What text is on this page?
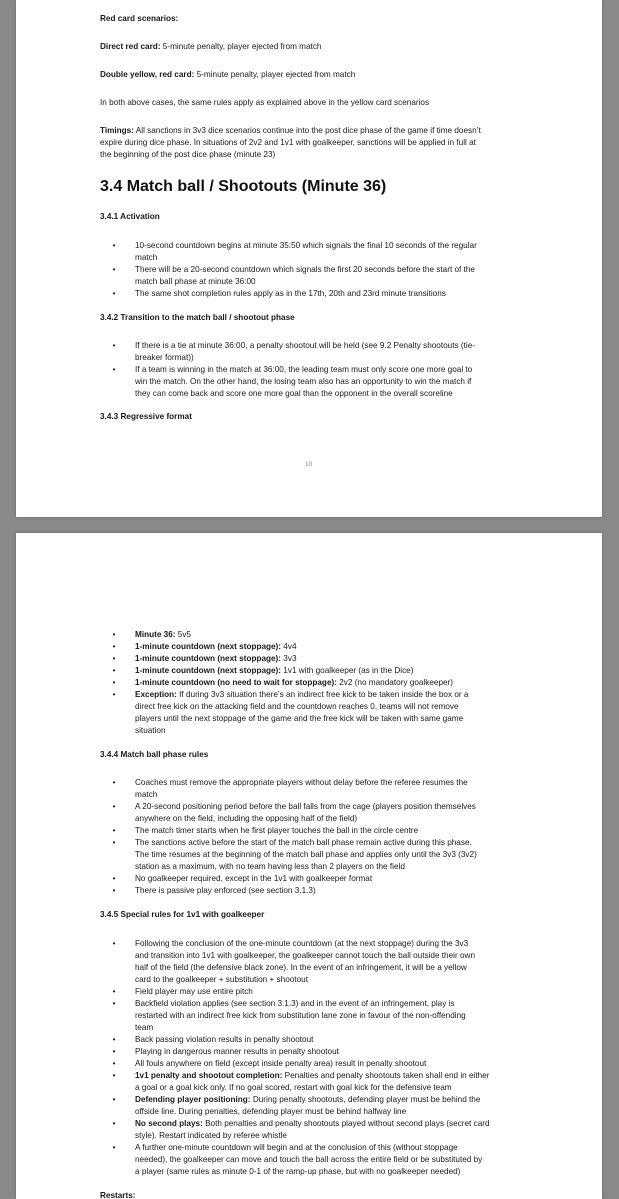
Red card scenarios:
Direct red card: 5-minute penalty, player ejected from match
Double yellow, red card: 5-minute penalty, player ejected from match
In both above cases, the same rules apply as explained above in the yellow card scenarios
Timings: All sanctions in 3v3 dice scenarios continue into the post dice phase of the game if time doesn’t
expire during dice phase. In situations of 2v2 and 1v1 with goalkeeper, sanctions will be applied in full at
the beginning of the post dice phase (minute 23)
3.4 Match ball / Shootouts (Minute 36)
3.4.1 Activation
•	10-second countdown begins at minute 35:50 which signals the final 10 seconds of the regular
match
•	There will be a 20-second countdown which signals the first 20 seconds before the start of the
match ball phase at minute 36:00
•	The same shot completion rules apply as in the 17th, 20th and 23rd minute transitions
3.4.2 Transition to the match ball / shootout phase
•	If there is a tie at minute 36:00, a penalty shootout will be held (see 9.2 Penalty shootouts (tie-
breaker format))
•	If a team is winning in the match at 36:00, the leading team must only score one more goal to
win the match. On the other hand, the losing team also has an opportunity to win the match if
they can come back and score one more goal than the opponent in the overall scoreline
3.4.3 Regressive format
10
•	Minute 36: 5v5
•	1-minute countdown (next stoppage): 4v4
•	1-minute countdown (next stoppage): 3v3
•	1-minute countdown (next stoppage): 1v1 with goalkeeper (as in the Dice)
•	1-minute countdown (no need to wait for stoppage): 2v2 (no mandatory goalkeeper)
•	Exception: If during 3v3 situation there’s an indirect free kick to be taken inside the box or a
direct free kick on the attacking field and the countdown reaches 0, teams will not remove
players until the next stoppage of the game and the free kick will be taken with same game
situation
3.4.4 Match ball phase rules
•	Coaches must remove the appropriate players without delay before the referee resumes the
match
•	A 20-second positioning period before the ball falls from the cage (players position themselves
anywhere on the field, including the opposing half of the field)
•	The match timer starts when he first player touches the ball in the circle centre
•	The sanctions active before the start of the match ball phase remain active during this phase.
The time resumes at the beginning of the match ball phase and applies only until the 3v3 (3v2)
station as a maximum, with no team having less than 2 players on the field
•	No goalkeeper required, except in the 1v1 with goalkeeper format
•	There is passive play enforced (see section 3.1.3)
3.4.5 Special rules for 1v1 with goalkeeper
•	Following the conclusion of the one-minute countdown (at the next stoppage) during the 3v3
and transition into 1v1 with goalkeeper, the goalkeeper cannot touch the ball outside their own
half of the field (the defensive black zone). In the event of an infringement, it will be a yellow
card to the goalkeeper + substitution + shootout
•	Field player may use entire pitch
•	Backfield violation applies (see section 3.1.3) and in the event of an infringement, play is
restarted with an indirect free kick from substitution lane zone in favour of the non-offending
team
•	Back passing violation results in penalty shootout
•	Playing in dangerous manner results in penalty shootout
•	All fouls anywhere on field (except inside penalty area) result in penalty shootout
•	1v1 penalty and shootout completion: Penalties and penalty shootouts taken shall end in either
a goal or a goal kick only. If no goal scored, restart with goal kick for the defensive team
•	Defending player positioning: During penalty shootouts, defending player must be behind the
offside line. During penalties, defending player must be behind halfway line
•	No second plays: Both penalties and penalty shootouts played without second plays (secret card
style). Restart indicated by referee whistle
•	A further one-minute countdown will begin and at the conclusion of this (without stoppage
needed), the goalkeeper can move and touch the ball across the entire field or be substituted by
a player (same rules as minute 0-1 of the ramp-up phase, but with no goalkeeper needed)
Restarts:
